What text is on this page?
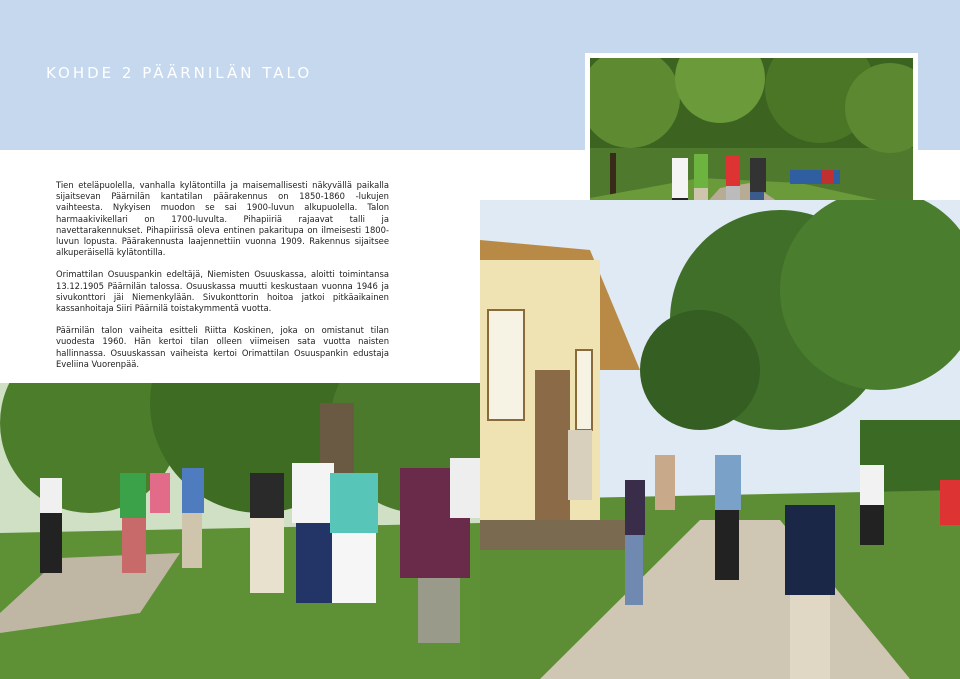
KOHDE 2 PÄÄRNILÄN TALO

Tien eteläpuolella, vanhalla kylätontilla ja maisemallisesti näkyvällä paikalla sijaitsevan Päärnilän kantatilan päärakennus on 1850-1860 -lukujen vaihteesta. Nykyisen muodon se sai 1900-luvun alkupuolella. Talon harmaakivikellari on 1700-luvulta. Pihapiiriä rajaavat talli ja navettarakennukset. Pihapiirissä oleva entinen pakaritupa on ilmeisesti 1800-luvun lopusta. Päärakennusta laajennettiin vuonna 1909. Rakennus sijaitsee alkuperäisellä kylätontilla.

Orimattilan Osuuspankin edeltäjä, Niemisten Osuuskassa, aloitti toimintansa 13.12.1905 Päärnilän talossa. Osuuskassa muutti keskustaan vuonna 1946 ja sivukonttori jäi Niemenkylään. Sivukonttorin hoitoa jatkoi pitkäaikainen kassanhoitaja Siiri Päärnilä toistakymmentä vuotta.

Päärnilän talon vaiheita esitteli Riitta Koskinen, joka on omistanut tilan vuodesta 1960. Hän kertoi tilan olleen viimeisen sata vuotta naisten hallinnassa. Osuuskassan vaiheista kertoi Orimattilan Osuuspankin edustaja Eveliina Vuorenpää.
